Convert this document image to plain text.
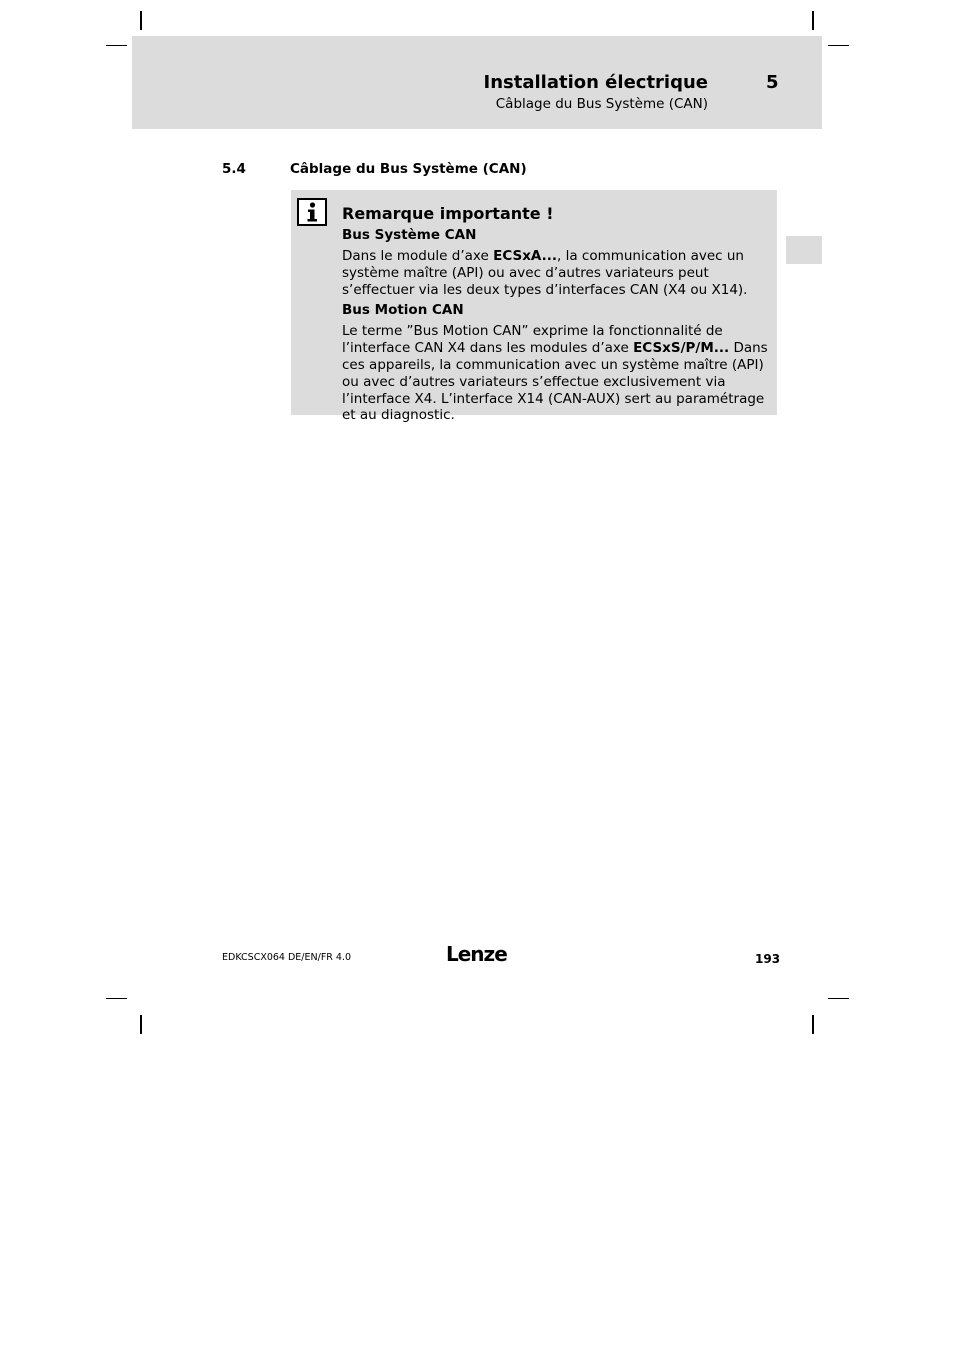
Installation électrique	5
Câblage du Bus Système (CAN)
5.4	Câblage du Bus Système (CAN)
Remarque importante !
Bus Système CAN

Dans le module d’axe ECSxA..., la communication avec un système maître (API) ou avec d’autres variateurs peut s’effectuer via les deux types d’interfaces CAN (X4 ou X14).

Bus Motion CAN

Le terme ”Bus Motion CAN” exprime la fonctionnalité de l’interface CAN X4 dans les modules d’axe ECSxS/P/M... Dans ces appareils, la communication avec un système maître (API) ou avec d’autres variateurs s’effectue exclusivement via l’interface X4. L’interface X14 (CAN-AUX) sert au paramétrage et au diagnostic.

EDKCSCX064 DE/EN/FR 4.0	Lenze	193
